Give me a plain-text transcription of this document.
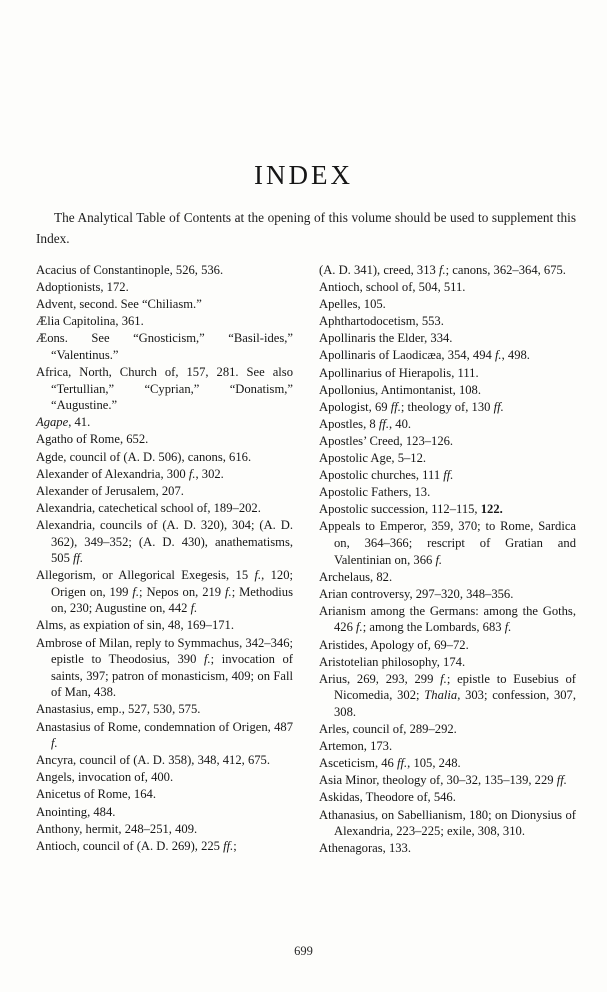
INDEX
The Analytical Table of Contents at the opening of this volume should be used to supplement this Index.

Acacius of Constantinople, 526, 536.

Adoptionists, 172.

Advent, second. See “Chiliasm.”

Ælia Capitolina, 361.

Æons. See “Gnosticism,” “Basil-ides,” “Valentinus.”

Africa, North, Church of, 157, 281. See also “Tertullian,” “Cyprian,” “Donatism,” “Augustine.”

Agape, 41.

Agatho of Rome, 652.

Agde, council of (A. D. 506), canons, 616.

Alexander of Alexandria, 300 f., 302.

Alexander of Jerusalem, 207.

Alexandria, catechetical school of, 189–202.

Alexandria, councils of (A. D. 320), 304; (A. D. 362), 349–352; (A. D. 430), anathematisms, 505 ff.

Allegorism, or Allegorical Exegesis, 15 f., 120; Origen on, 199 f.; Nepos on, 219 f.; Methodius on, 230; Augustine on, 442 f.

Alms, as expiation of sin, 48, 169–171.

Ambrose of Milan, reply to Symmachus, 342–346; epistle to Theodosius, 390 f.; invocation of saints, 397; patron of monasticism, 409; on Fall of Man, 438.

Anastasius, emp., 527, 530, 575.

Anastasius of Rome, condemnation of Origen, 487 f.

Ancyra, council of (A. D. 358), 348, 412, 675.

Angels, invocation of, 400.

Anicetus of Rome, 164.

Anointing, 484.

Anthony, hermit, 248–251, 409.

Antioch, council of (A. D. 269), 225 ff.;

(A. D. 341), creed, 313 f.; canons, 362–364, 675.

Antioch, school of, 504, 511.

Apelles, 105.

Aphthartodocetism, 553.

Apollinaris the Elder, 334.

Apollinaris of Laodicæa, 354, 494 f., 498.

Apollinarius of Hierapolis, 111.

Apollonius, Antimontanist, 108.

Apologist, 69 ff.; theology of, 130 ff.

Apostles, 8 ff., 40.

Apostles’ Creed, 123–126.

Apostolic Age, 5–12.

Apostolic churches, 111 ff.

Apostolic Fathers, 13.

Apostolic succession, 112–115, 122.

Appeals to Emperor, 359, 370; to Rome, Sardica on, 364–366; rescript of Gratian and Valentinian on, 366 f.

Archelaus, 82.

Arian controversy, 297–320, 348–356.

Arianism among the Germans: among the Goths, 426 f.; among the Lombards, 683 f.

Aristides, Apology of, 69–72.

Aristotelian philosophy, 174.

Arius, 269, 293, 299 f.; epistle to Eusebius of Nicomedia, 302; Thalia, 303; confession, 307, 308.

Arles, council of, 289–292.

Artemon, 173.

Asceticism, 46 ff., 105, 248.

Asia Minor, theology of, 30–32, 135–139, 229 ff.

Askidas, Theodore of, 546.

Athanasius, on Sabellianism, 180; on Dionysius of Alexandria, 223–225; exile, 308, 310.

Athenagoras, 133.

699
